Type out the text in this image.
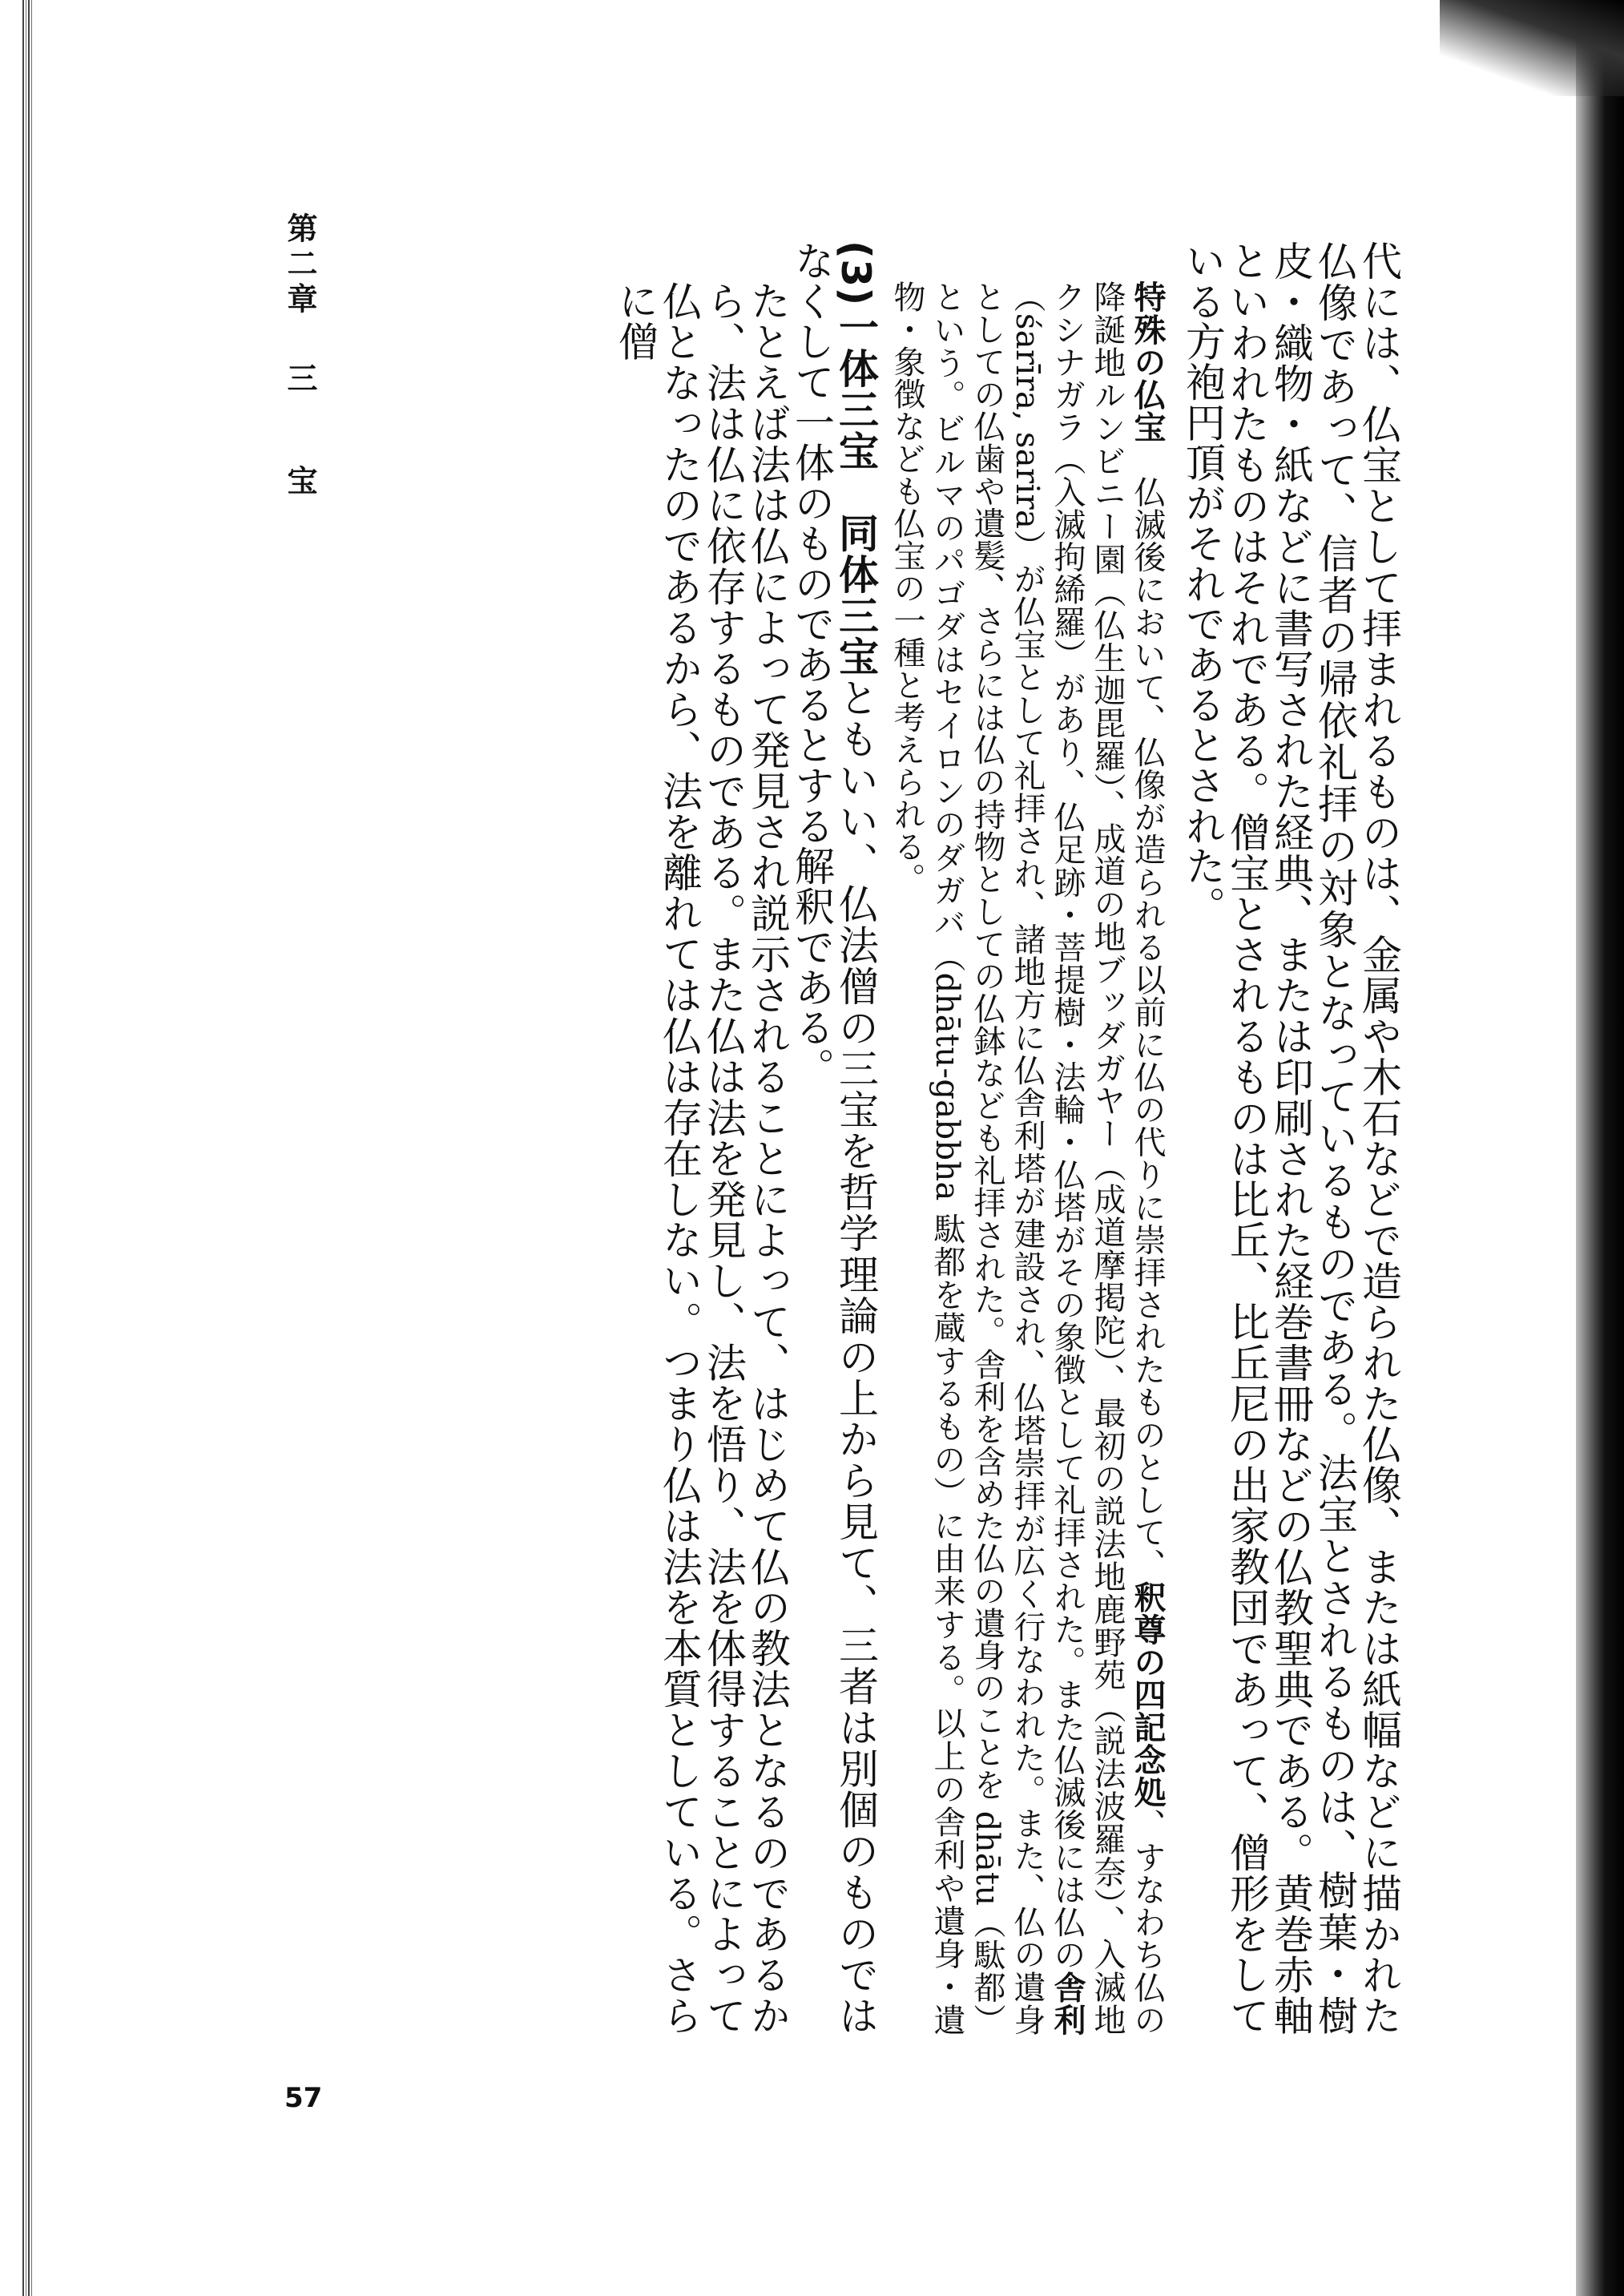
第二章 三　宝	代には、仏宝として拝まれるものは、金属や木石などで造られた仏像、または紙幅などに描かれた仏像であって、信者の帰依礼拝の対象となっているものである。法宝とされるものは、樹葉・樹皮・織物・紙などに書写された経典、または印刷された経巻書冊などの仏教聖典である。黄巻赤軸といわれたものはそれである。僧宝とされるものは比丘、比丘尼の出家教団であって、僧形をしている方袍円頂がそれであるとされた。

特殊の仏宝　仏滅後において、仏像が造られる以前に仏の代りに崇拝されたものとして、釈尊の四記念処、すなわち仏の降誕地ルンビニー園（仏生迦毘羅）、成道の地ブッダガヤー（成道摩掲陀）、最初の説法地鹿野苑（説法波羅奈）、入滅地クシナガラ（入滅拘絺羅）があり、仏足跡・菩提樹・法輪・仏塔がその象徴として礼拝された。また仏滅後には仏の舎利（śarīra, sarira）が仏宝として礼拝され、諸地方に仏舎利塔が建設され、仏塔崇拝が広く行なわれた。また、仏の遺身としての仏歯や遺髪、さらには仏の持物としての仏鉢なども礼拝された。舎利を含めた仏の遺身のことを dhātu（駄都）という。ビルマのパゴダはセイロンのダガバ（dhātu-gabbha 駄都を蔵するもの）に由来する。以上の舎利や遺身・遺物・象徴なども仏宝の一種と考えられる。

(3)一体三宝　同体三宝ともいい、仏法僧の三宝を哲学理論の上から見て、三者は別個のものではなくして一体のものであるとする解釈である。

たとえば法は仏によって発見され説示されることによって、はじめて仏の教法となるのであるから、法は仏に依存するものである。また仏は法を発見し、法を悟り、法を体得することによって仏となったのであるから、法を離れては仏は存在しない。つまり仏は法を本質としている。さらに僧

57
